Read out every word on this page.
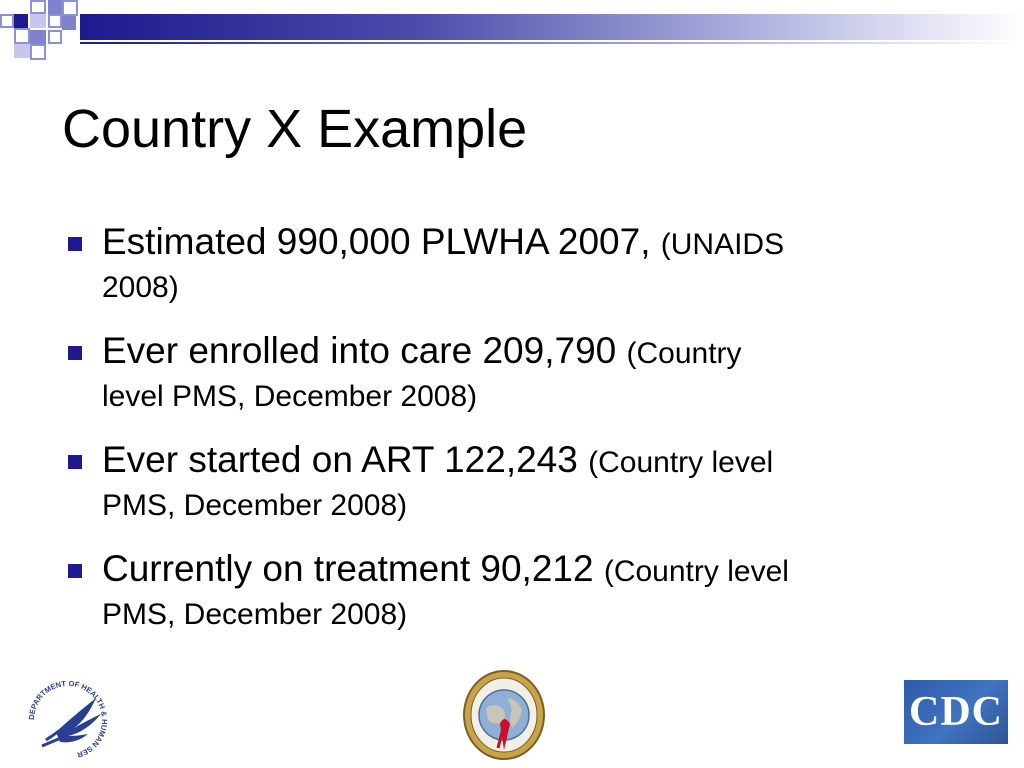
Country X Example
Estimated 990,000 PLWHA 2007, (UNAIDS
2008)
Ever enrolled into care 209,790 (Country
level PMS, December 2008)
Ever started on ART 122,243 (Country level
PMS, December 2008)
Currently on treatment 90,212 (Country level
PMS, December 2008)
DEPARTMENT OF HEALTH & HUMAN SER
CDC
